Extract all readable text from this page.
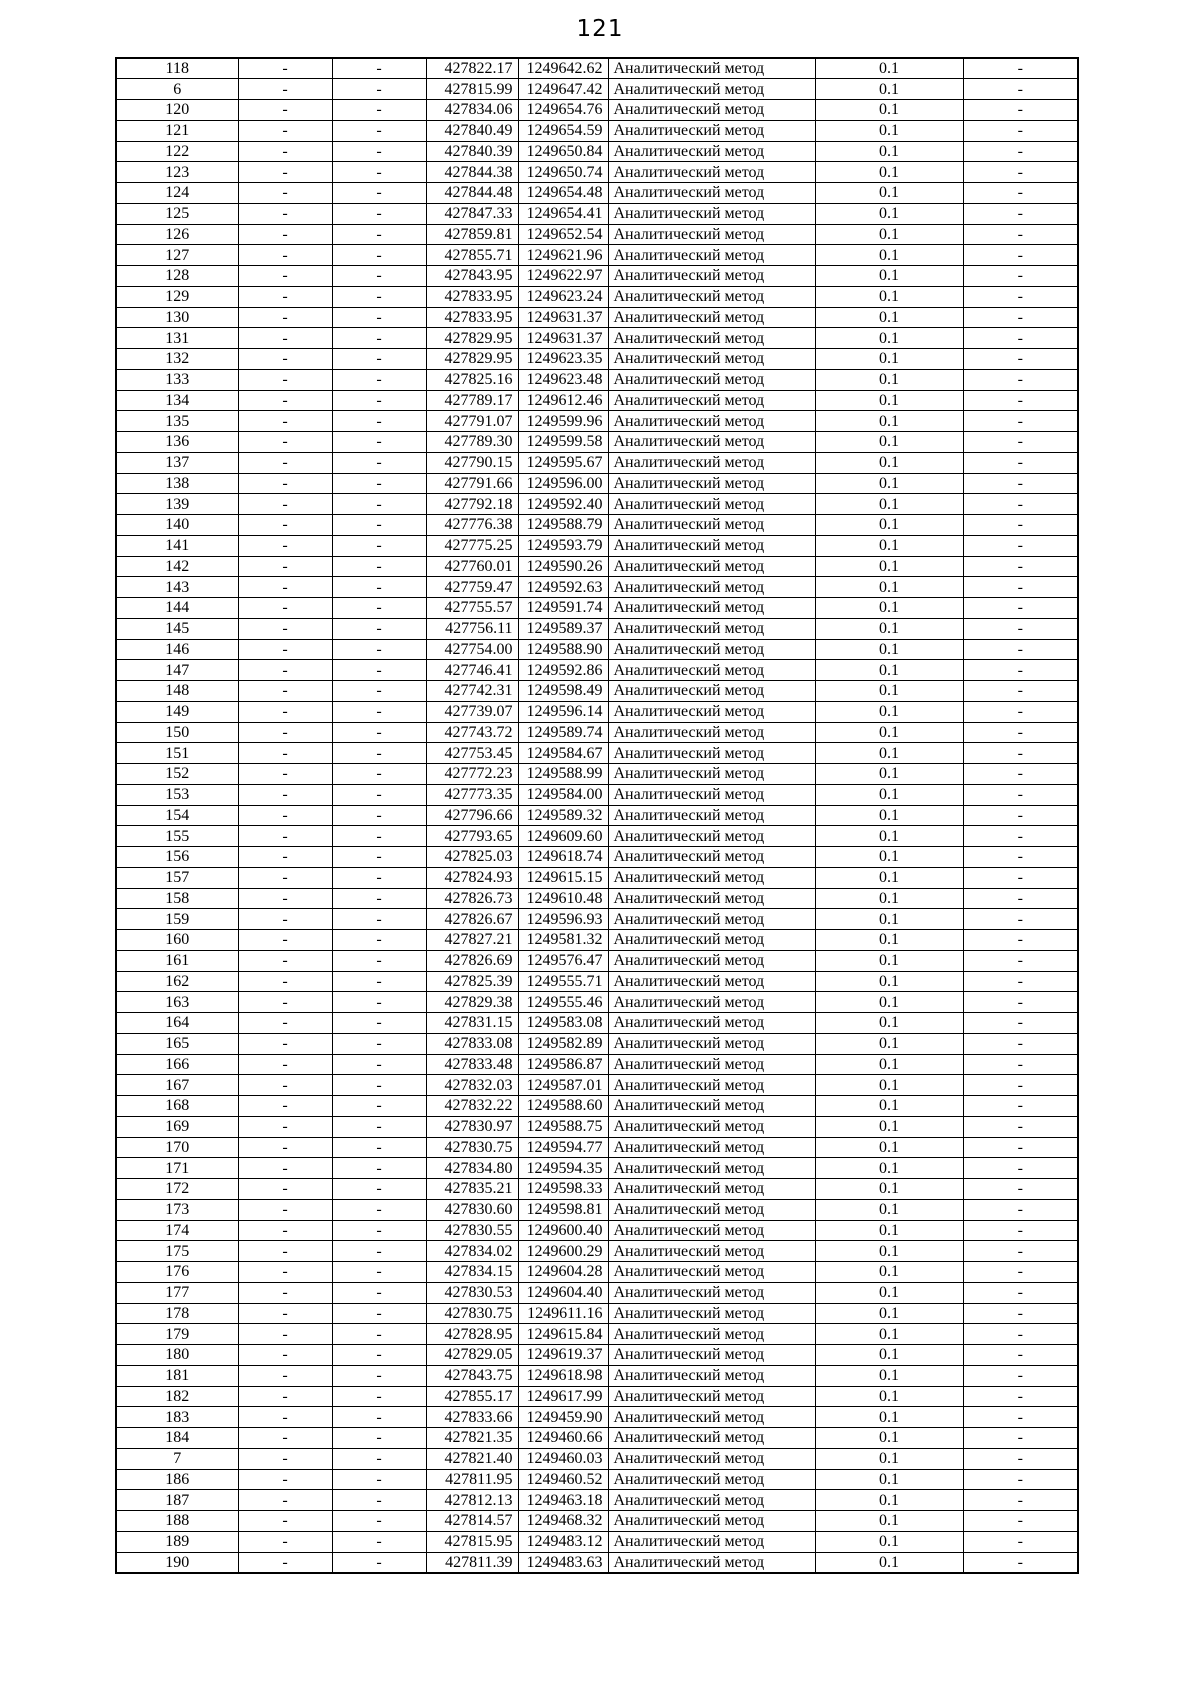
121
118	-	-	427822.17	1249642.62	Аналитический метод	0.1	-
6	-	-	427815.99	1249647.42	Аналитический метод	0.1	-
120	-	-	427834.06	1249654.76	Аналитический метод	0.1	-
121	-	-	427840.49	1249654.59	Аналитический метод	0.1	-
122	-	-	427840.39	1249650.84	Аналитический метод	0.1	-
123	-	-	427844.38	1249650.74	Аналитический метод	0.1	-
124	-	-	427844.48	1249654.48	Аналитический метод	0.1	-
125	-	-	427847.33	1249654.41	Аналитический метод	0.1	-
126	-	-	427859.81	1249652.54	Аналитический метод	0.1	-
127	-	-	427855.71	1249621.96	Аналитический метод	0.1	-
128	-	-	427843.95	1249622.97	Аналитический метод	0.1	-
129	-	-	427833.95	1249623.24	Аналитический метод	0.1	-
130	-	-	427833.95	1249631.37	Аналитический метод	0.1	-
131	-	-	427829.95	1249631.37	Аналитический метод	0.1	-
132	-	-	427829.95	1249623.35	Аналитический метод	0.1	-
133	-	-	427825.16	1249623.48	Аналитический метод	0.1	-
134	-	-	427789.17	1249612.46	Аналитический метод	0.1	-
135	-	-	427791.07	1249599.96	Аналитический метод	0.1	-
136	-	-	427789.30	1249599.58	Аналитический метод	0.1	-
137	-	-	427790.15	1249595.67	Аналитический метод	0.1	-
138	-	-	427791.66	1249596.00	Аналитический метод	0.1	-
139	-	-	427792.18	1249592.40	Аналитический метод	0.1	-
140	-	-	427776.38	1249588.79	Аналитический метод	0.1	-
141	-	-	427775.25	1249593.79	Аналитический метод	0.1	-
142	-	-	427760.01	1249590.26	Аналитический метод	0.1	-
143	-	-	427759.47	1249592.63	Аналитический метод	0.1	-
144	-	-	427755.57	1249591.74	Аналитический метод	0.1	-
145	-	-	427756.11	1249589.37	Аналитический метод	0.1	-
146	-	-	427754.00	1249588.90	Аналитический метод	0.1	-
147	-	-	427746.41	1249592.86	Аналитический метод	0.1	-
148	-	-	427742.31	1249598.49	Аналитический метод	0.1	-
149	-	-	427739.07	1249596.14	Аналитический метод	0.1	-
150	-	-	427743.72	1249589.74	Аналитический метод	0.1	-
151	-	-	427753.45	1249584.67	Аналитический метод	0.1	-
152	-	-	427772.23	1249588.99	Аналитический метод	0.1	-
153	-	-	427773.35	1249584.00	Аналитический метод	0.1	-
154	-	-	427796.66	1249589.32	Аналитический метод	0.1	-
155	-	-	427793.65	1249609.60	Аналитический метод	0.1	-
156	-	-	427825.03	1249618.74	Аналитический метод	0.1	-
157	-	-	427824.93	1249615.15	Аналитический метод	0.1	-
158	-	-	427826.73	1249610.48	Аналитический метод	0.1	-
159	-	-	427826.67	1249596.93	Аналитический метод	0.1	-
160	-	-	427827.21	1249581.32	Аналитический метод	0.1	-
161	-	-	427826.69	1249576.47	Аналитический метод	0.1	-
162	-	-	427825.39	1249555.71	Аналитический метод	0.1	-
163	-	-	427829.38	1249555.46	Аналитический метод	0.1	-
164	-	-	427831.15	1249583.08	Аналитический метод	0.1	-
165	-	-	427833.08	1249582.89	Аналитический метод	0.1	-
166	-	-	427833.48	1249586.87	Аналитический метод	0.1	-
167	-	-	427832.03	1249587.01	Аналитический метод	0.1	-
168	-	-	427832.22	1249588.60	Аналитический метод	0.1	-
169	-	-	427830.97	1249588.75	Аналитический метод	0.1	-
170	-	-	427830.75	1249594.77	Аналитический метод	0.1	-
171	-	-	427834.80	1249594.35	Аналитический метод	0.1	-
172	-	-	427835.21	1249598.33	Аналитический метод	0.1	-
173	-	-	427830.60	1249598.81	Аналитический метод	0.1	-
174	-	-	427830.55	1249600.40	Аналитический метод	0.1	-
175	-	-	427834.02	1249600.29	Аналитический метод	0.1	-
176	-	-	427834.15	1249604.28	Аналитический метод	0.1	-
177	-	-	427830.53	1249604.40	Аналитический метод	0.1	-
178	-	-	427830.75	1249611.16	Аналитический метод	0.1	-
179	-	-	427828.95	1249615.84	Аналитический метод	0.1	-
180	-	-	427829.05	1249619.37	Аналитический метод	0.1	-
181	-	-	427843.75	1249618.98	Аналитический метод	0.1	-
182	-	-	427855.17	1249617.99	Аналитический метод	0.1	-
183	-	-	427833.66	1249459.90	Аналитический метод	0.1	-
184	-	-	427821.35	1249460.66	Аналитический метод	0.1	-
7	-	-	427821.40	1249460.03	Аналитический метод	0.1	-
186	-	-	427811.95	1249460.52	Аналитический метод	0.1	-
187	-	-	427812.13	1249463.18	Аналитический метод	0.1	-
188	-	-	427814.57	1249468.32	Аналитический метод	0.1	-
189	-	-	427815.95	1249483.12	Аналитический метод	0.1	-
190	-	-	427811.39	1249483.63	Аналитический метод	0.1	-
